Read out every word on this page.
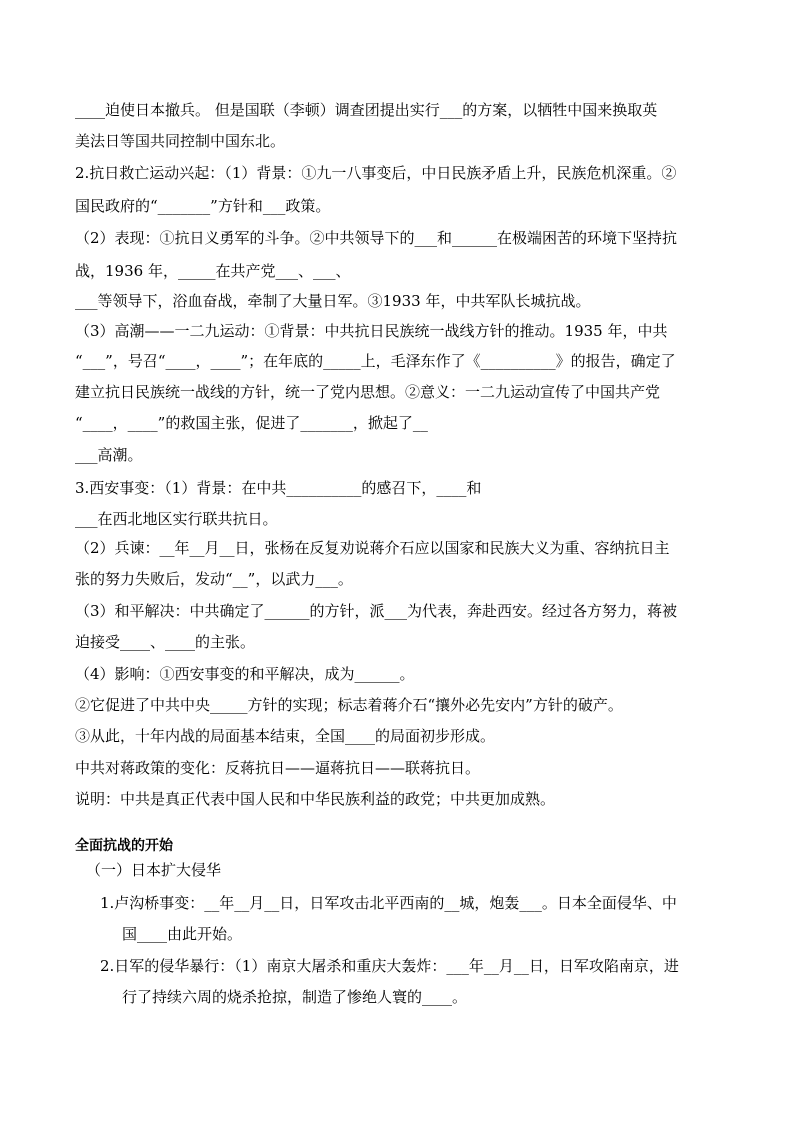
____迫使日本撤兵。 但是国联（李顿）调查团提出实行___的方案，以牺牲中国来换取英
美法日等国共同控制中国东北。
2.抗日救亡运动兴起：（1）背景：①九一八事变后，中日民族矛盾上升，民族危机深重。②
国民政府的“_______”方针和___政策。
（2）表现：①抗日义勇军的斗争。②中共领导下的___和______在极端困苦的环境下坚持抗
战，1936 年，_____在共产党___、___、
___等领导下，浴血奋战，牵制了大量日军。③1933 年，中共军队长城抗战。
（3）高潮——一二九运动：①背景：中共抗日民族统一战线方针的推动。1935 年，中共
“___”，号召“____，____”；在年底的_____上，毛泽东作了《__________》的报告，确定了
建立抗日民族统一战线的方针，统一了党内思想。②意义：一二九运动宣传了中国共产党
“____，____”的救国主张，促进了_______，掀起了__
___高潮。
3.西安事变：（1）背景：在中共__________的感召下，____和
___在西北地区实行联共抗日。
（2）兵谏：__年__月__日，张杨在反复劝说蒋介石应以国家和民族大义为重、容纳抗日主
张的努力失败后，发动“__”，以武力___。
（3）和平解决：中共确定了______的方针，派___为代表，奔赴西安。经过各方努力，蒋被
迫接受____、____的主张。
（4）影响：①西安事变的和平解决，成为______。
②它促进了中共中央_____方针的实现；标志着蒋介石“攘外必先安内”方针的破产。
③从此，十年内战的局面基本结束，全国____的局面初步形成。
中共对蒋政策的变化：反蒋抗日——逼蒋抗日——联蒋抗日。
说明：中共是真正代表中国人民和中华民族利益的政党；中共更加成熟。
全面抗战的开始
（一）日本扩大侵华
1.卢沟桥事变：__年__月__日，日军攻击北平西南的__城，炮轰___。日本全面侵华、中
国____由此开始。
2.日军的侵华暴行：（1）南京大屠杀和重庆大轰炸：___年__月__日，日军攻陷南京，进
行了持续六周的烧杀抢掠，制造了惨绝人寰的____。
